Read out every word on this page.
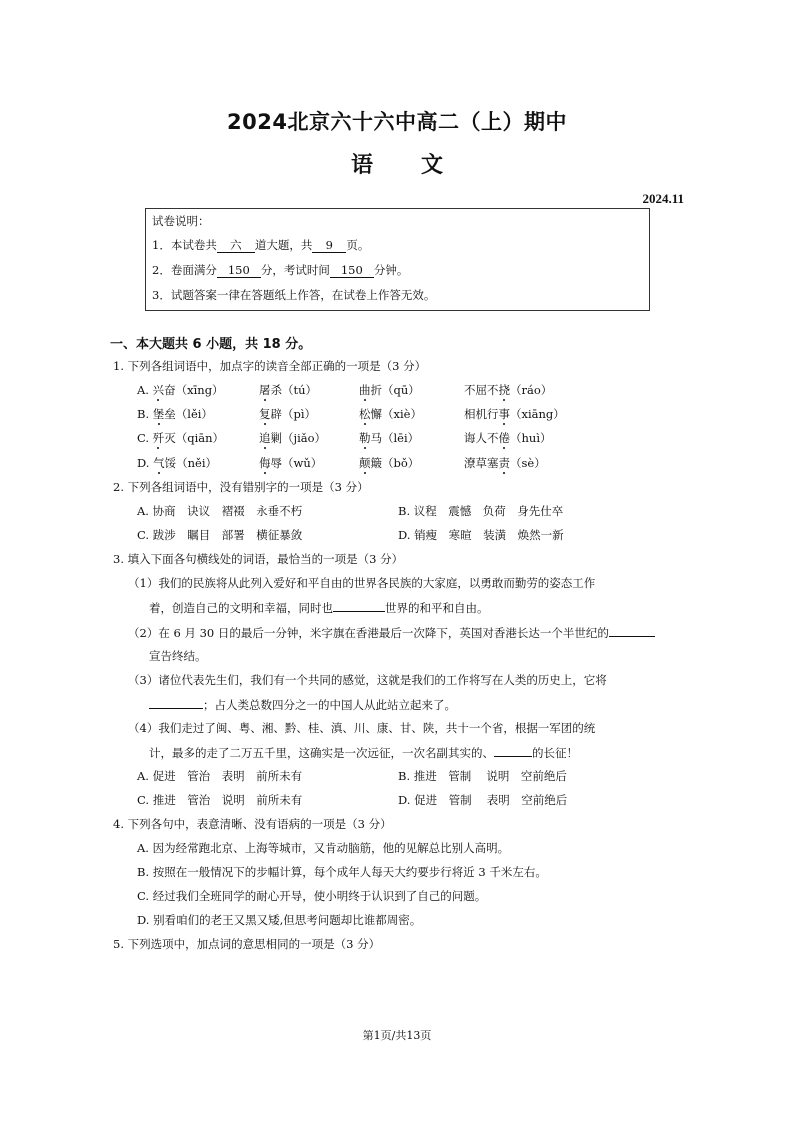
2024北京六十六中高二（上）期中
语 文
2024.11
试卷说明：
1．本试卷共 六 道大题，共 9 页。
2．卷面满分 150 分，考试时间 150 分钟。
3．试题答案一律在答题纸上作答，在试卷上作答无效。
一、本大题共 6 小题，共 18 分。
1. 下列各组词语中，加点字的读音全部正确的一项是（3 分）
A. 兴奋（xīng）	屠杀（tú）	曲折（qū）	不屈不挠（ráo）
B. 堡垒（lěi）	复辟（pì）	松懈（xiè）	相机行事（xiāng）
C. 歼灭（qiān）	追剿（jiǎo）	勒马（lēi）	诲人不倦（huì）
D. 气馁（něi）	侮辱（wǔ）	颠簸（bǒ）	潦草塞责（sè）
2. 下列各组词语中，没有错别字的一项是（3 分）
A. 协商　诀议　褶裰　永垂不朽	B. 议程　震憾　负荷　身先仕卒
C. 跋涉　瞩目　部署　横征暴敛	D. 销瘦　寒暄　装潢　焕然一新
3. 填入下面各句横线处的词语，最恰当的一项是（3 分）
（1）我们的民族将从此列入爱好和平自由的世界各民族的大家庭，以勇敢而勤劳的姿态工作
着，创造自己的文明和幸福，同时也	世界的和平和自由。
（2）在 6 月 30 日的最后一分钟，米字旗在香港最后一次降下，英国对香港长达一个半世纪的
宣告终结。
（3）诸位代表先生们，我们有一个共同的感觉，这就是我们的工作将写在人类的历史上，它将
；占人类总数四分之一的中国人从此站立起来了。
（4）我们走过了闽、粤、湘、黔、桂、滇、川、康、甘、陕，共十一个省，根据一军团的统
计，最多的走了二万五千里，这确实是一次远征，一次名副其实的、	的长征！
A. 促进　管治　表明　前所未有	B. 推进　管制　 说明　空前绝后
C. 推进　管治　说明　前所未有	D. 促进　管制　 表明　空前绝后
4. 下列各句中，表意清晰、没有语病的一项是（3 分）
A. 因为经常跑北京、上海等城市，又肯动脑筋，他的见解总比别人高明。
B. 按照在一般情况下的步幅计算，每个成年人每天大约要步行将近 3 千米左右。
C. 经过我们全班同学的耐心开导，使小明终于认识到了自己的问题。
D. 别看咱们的老王又黑又矮,但思考问题却比谁都周密。
5. 下列选项中，加点词的意思相同的一项是（3 分）
第1页/共13页
